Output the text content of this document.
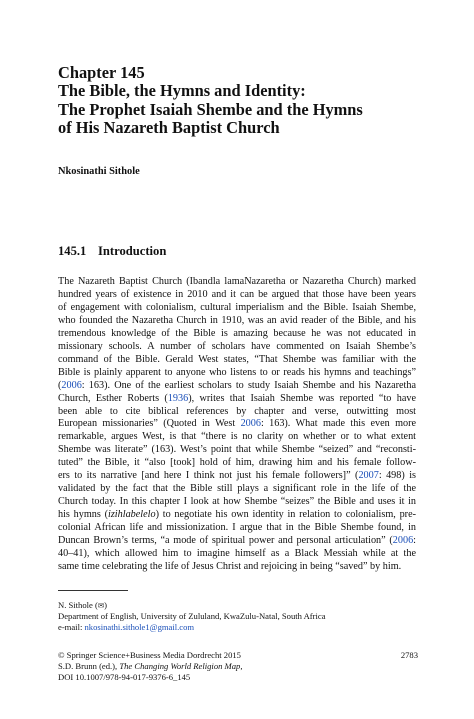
Chapter 145

The Bible, the Hymns and Identity:

The Prophet Isaiah Shembe and the Hymns

of His Nazareth Baptist Church

Nkosinathi Sithole
145.1 Introduction
The Nazareth Baptist Church (Ibandla lamaNazaretha or Nazaretha Church) marked
hundred years of existence in 2010 and it can be argued that those have been years
of engagement with colonialism, cultural imperialism and the Bible. Isaiah Shembe,
who founded the Nazaretha Church in 1910, was an avid reader of the Bible, and his
tremendous knowledge of the Bible is amazing because he was not educated in
missionary schools. A number of scholars have commented on Isaiah Shembe’s
command of the Bible. Gerald West states, “That Shembe was familiar with the
Bible is plainly apparent to anyone who listens to or reads his hymns and teachings”
(2006: 163). One of the earliest scholars to study Isaiah Shembe and his Nazaretha
Church, Esther Roberts (1936), writes that Isaiah Shembe was reported “to have
been able to cite biblical references by chapter and verse, outwitting most
European missionaries” (Quoted in West 2006: 163). What made this even more
remarkable, argues West, is that “there is no clarity on whether or to what extent
Shembe was literate” (163). West’s point that while Shembe “seized” and “reconsti-
tuted” the Bible, it “also [took] hold of him, drawing him and his female follow-
ers to its narrative [and here I think not just his female followers]” (2007: 498) is
validated by the fact that the Bible still plays a significant role in the life of the
Church today. In this chapter I look at how Shembe “seizes” the Bible and uses it in
his hymns (izihlabelelo) to negotiate his own identity in relation to colonialism, pre-
colonial African life and missionization. I argue that in the Bible Shembe found, in
Duncan Brown’s terms, “a mode of spiritual power and personal articulation” (2006:
40–41), which allowed him to imagine himself as a Black Messiah while at the
same time celebrating the life of Jesus Christ and rejoicing in being “saved” by him.
N. Sithole (✉)
Department of English, University of Zululand, KwaZulu-Natal, South Africa
e-mail: nkosinathi.sithole1@gmail.com
© Springer Science+Business Media Dordrecht 2015
S.D. Brunn (ed.), The Changing World Religion Map,
DOI 10.1007/978-94-017-9376-6_145
2783
